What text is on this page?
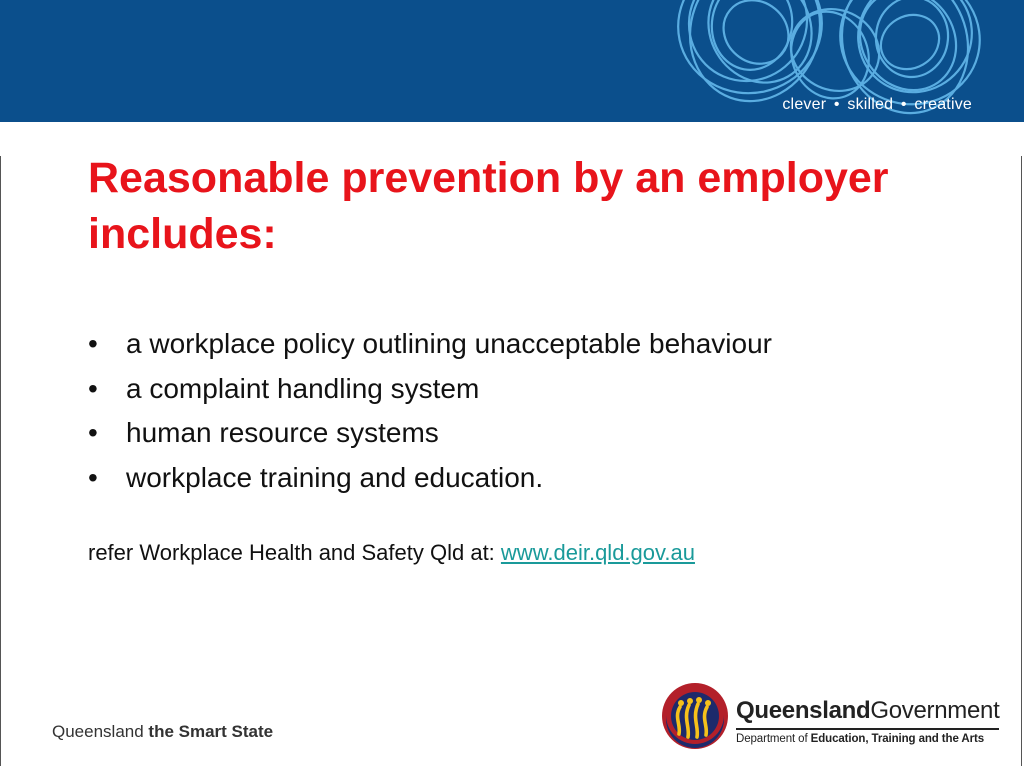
clever • skilled • creative
Reasonable prevention by an employer includes:
• a workplace policy outlining unacceptable behaviour
• a complaint handling system
• human resource systems
• workplace training and education.
refer Workplace Health and Safety Qld at: www.deir.qld.gov.au
Queensland the Smart State
QueenslandGovernment
Department of Education, Training and the Arts
